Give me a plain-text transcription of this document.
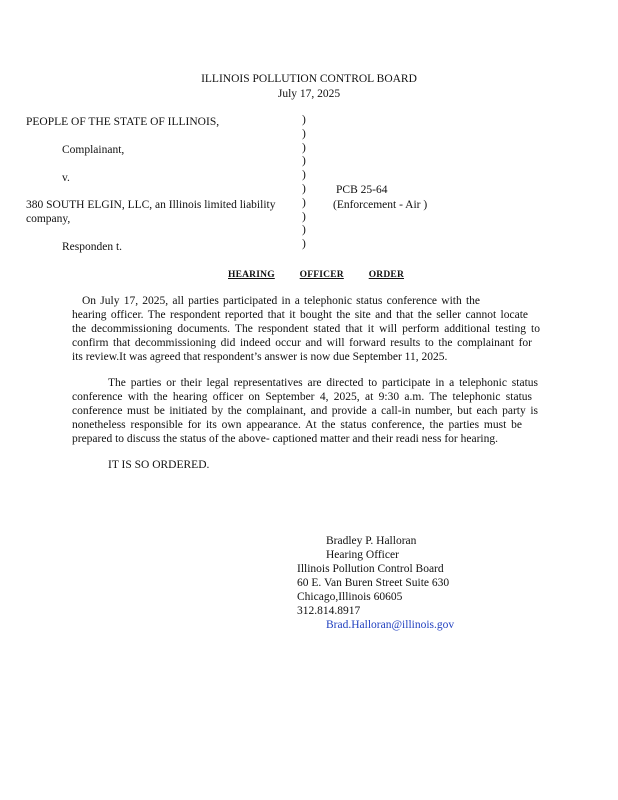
ILLINOIS POLLUTION CONTROL BOARD
July 17, 2025
PEOPLE OF THE STATE OF ILLINOIS,
Complainant,
v.
380 SOUTH ELGIN, LLC, an Illinois limited liability
company,
Responden t.
)
)
)
)
)
)
)
)
)
)
PCB 25-64
(Enforcement - Air )
HEARING	OFFICER	ORDER

On July 17, 2025, all parties participated in a telephonic status conference with the

hearing officer. The respondent reported that it bought the site and that the seller cannot locate

the decommissioning documents. The respondent stated that it will perform additional testing to

confirm that decommissioning did indeed occur and will forward results to the complainant for

its review.It was agreed that respondent’s answer is now due September 11, 2025.

The parties or their legal representatives are directed to participate in a telephonic status

conference with the hearing officer on September 4, 2025, at 9:30 a.m. The telephonic status

conference must be initiated by the complainant, and provide a call-in number, but each party is

nonetheless responsible for its own appearance. At the status conference, the parties must be

prepared to discuss the status of the above- captioned matter and their readi ness for hearing.

IT IS SO ORDERED.
Bradley P. Halloran
Hearing Officer
Illinois Pollution Control Board
60 E. Van Buren Street Suite 630
Chicago,Illinois 60605
312.814.8917
Brad.Halloran@illinois.gov
